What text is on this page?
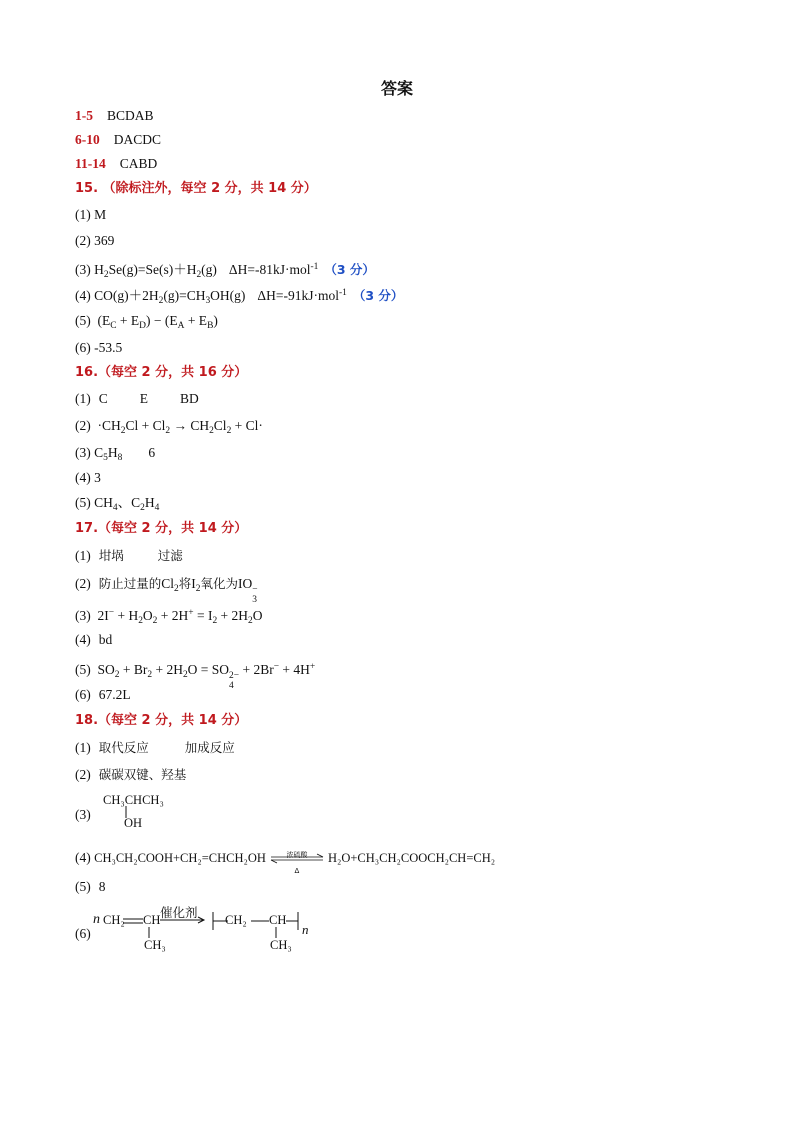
答案
1-5 BCDAB
6-10 DACDC
11-14 CABD
15. （除标注外，每空 2 分，共 14 分）
(1) M
(2) 369
(3) $H_2Se(g)=Se(s)+H_2(g)$ ΔH=-81kJ·mol$^{-1}$ （3 分）
(4) $CO(g)+2H_2(g)=CH_3OH(g)$ ΔH=-91kJ·mol$^{-1}$ （3 分）
(5)  $(E_C + E_D) - (E_A + E_B)$
(6) -53.5
16.（每空 2 分，共 16 分）
(1) C E BD
$(2) \cdot CH_2Cl + Cl_2 \to CH_2Cl_2 + Cl\cdot$
(3) $C_5H_8$ 6
(4) 3
(5) $CH_4$、$C_2H_4$
17.（每空 2 分，共 14 分）
(1) 坩埚	过滤
(2) 防止过量的$Cl_2$将$I_2$氧化为IO −
3
(3)  $2I^- + H_2O_2 + 2H^+ = I_2 + 2H_2O$
(4) bd
(5)  $SO_2 + Br_2 + 2H_2O$ = SO 2−
4
+ 2Br− + 4H+
(6) 67.2L
18.（每空 2 分，共 14 分）
(1) 取代反应	加成反应
(2) 碳碳双键、羟基
(3)
CH₃CHCH₃
OH
(4) CH₃CH₂COOH+CH₂=CHCH₂OH	浓硫酸
Δ
H₂O+CH₃CH₂COOCH₂CH=CH₂
(5) 8
(6)
n CH₂ CH
CH₃
催化剂 → CH₂ CH
n
CH₃
